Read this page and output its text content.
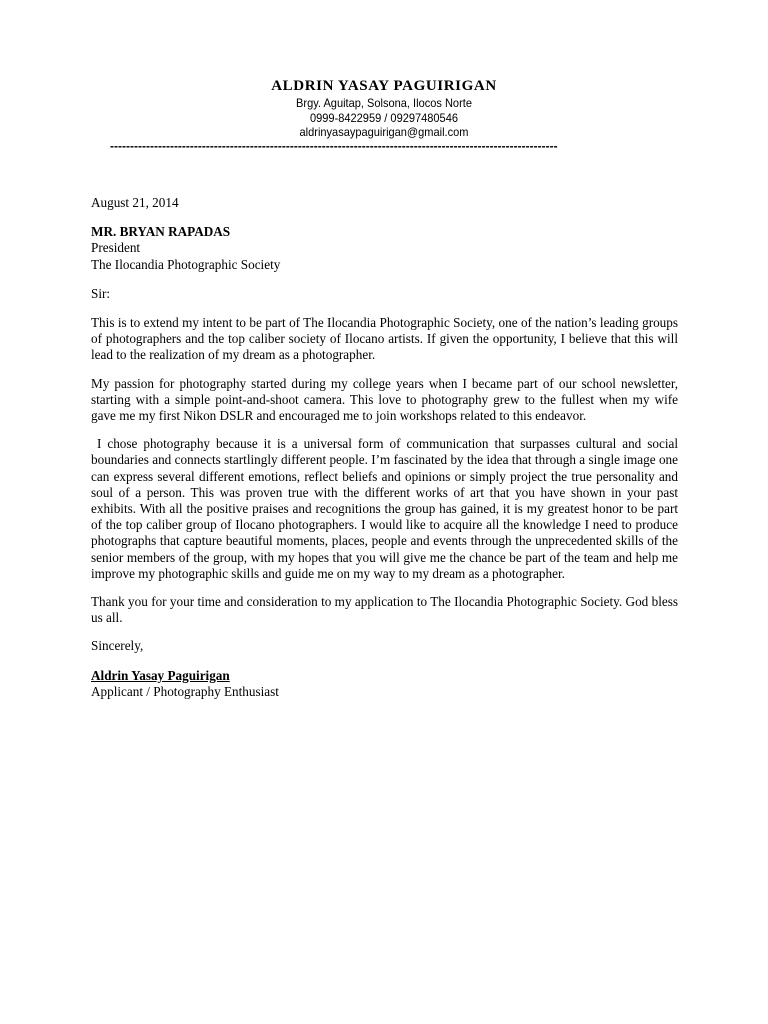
ALDRIN YASAY PAGUIRIGAN
Brgy. Aguitap, Solsona, Ilocos Norte
0999-8422959 / 09297480546
aldrinyasaypaguirigan@gmail.com
----------------------------------------------------------------------------------------------------------------

August 21, 2014

MR. BRYAN RAPADAS

President

The Ilocandia Photographic Society

Sir:

This is to extend my intent to be part of The Ilocandia Photographic Society, one of the nation’s leading groups of photographers and the top caliber society of Ilocano artists. If given the opportunity, I believe that this will lead to the realization of my dream as a photographer.

My passion for photography started during my college years when I became part of our school newsletter, starting with a simple point-and-shoot camera. This love to photography grew to the fullest when my wife gave me my first Nikon DSLR and encouraged me to join workshops related to this endeavor.

I chose photography because it is a universal form of communication that surpasses cultural and social boundaries and connects startlingly different people. I’m fascinated by the idea that through a single image one can express several different emotions, reflect beliefs and opinions or simply project the true personality and soul of a person. This was proven true with the different works of art that you have shown in your past exhibits. With all the positive praises and recognitions the group has gained, it is my greatest honor to be part of the top caliber group of Ilocano photographers. I would like to acquire all the knowledge I need to produce photographs that capture beautiful moments, places, people and events through the unprecedented skills of the senior members of the group, with my hopes that you will give me the chance be part of the team and help me improve my photographic skills and guide me on my way to my dream as a photographer.

Thank you for your time and consideration to my application to The Ilocandia Photographic Society. God bless us all.

Sincerely,

Aldrin Yasay Paguirigan

Applicant / Photography Enthusiast
